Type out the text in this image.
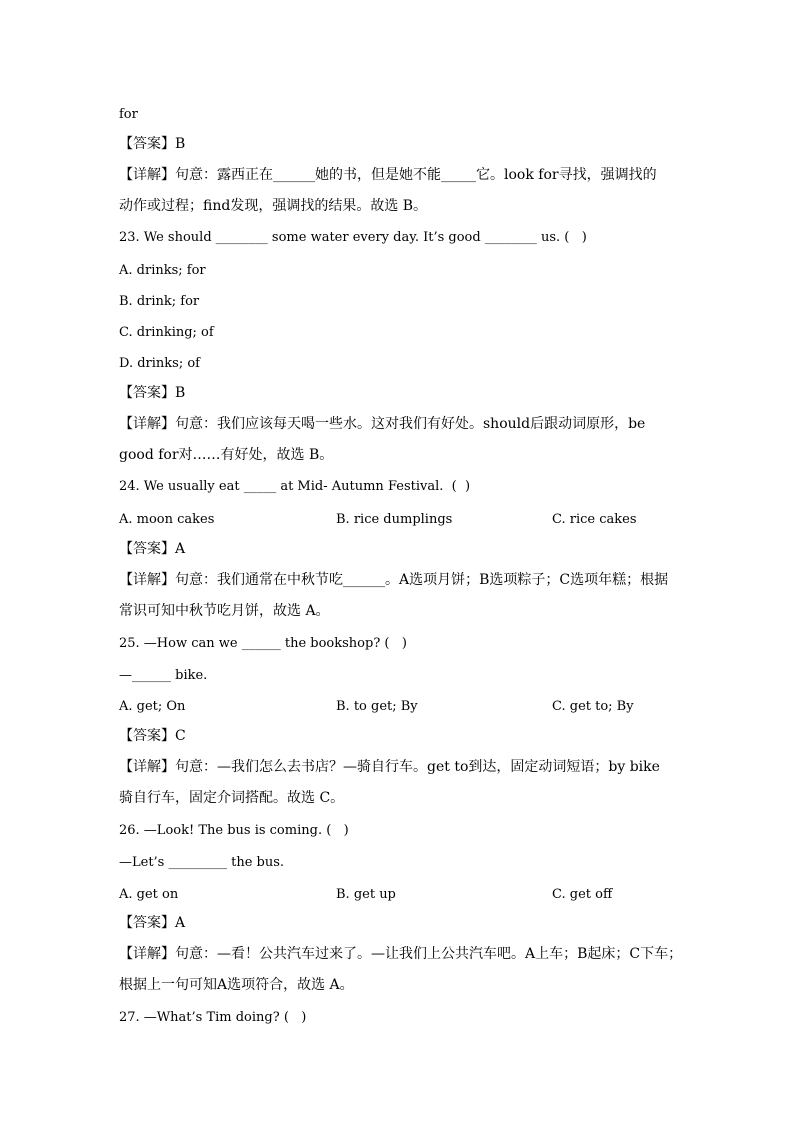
for
【答案】B
【详解】句意：露西正在______她的书，但是她不能_____它。look for寻找，强调找的
动作或过程；find发现，强调找的结果。故选 B。
23. We should ________ some water every day. It’s good ________ us. (   )
A. drinks; for
B. drink; for
C. drinking; of
D. drinks; of
【答案】B
【详解】句意：我们应该每天喝一些水。这对我们有好处。should后跟动词原形，be
good for对……有好处，故选 B。
24. We usually eat _____ at Mid- Autumn Festival.  (  )
A. moon cakes	B. rice dumplings	C. rice cakes
【答案】A
【详解】句意：我们通常在中秋节吃______。A选项月饼；B选项粽子；C选项年糕；根据
常识可知中秋节吃月饼，故选 A。
25. —How can we ______ the bookshop? (   )
—______ bike.
A. get; On	B. to get; By	C. get to; By
【答案】C
【详解】句意：—我们怎么去书店？—骑自行车。get to到达，固定动词短语；by bike
骑自行车，固定介词搭配。故选 C。
26. —Look! The bus is coming. (   )
—Let’s _________ the bus.
A. get on	B. get up	C. get off
【答案】A
【详解】句意：—看！公共汽车过来了。—让我们上公共汽车吧。A上车；B起床；C下车；
根据上一句可知A选项符合，故选 A。
27. —What’s Tim doing? (   )
